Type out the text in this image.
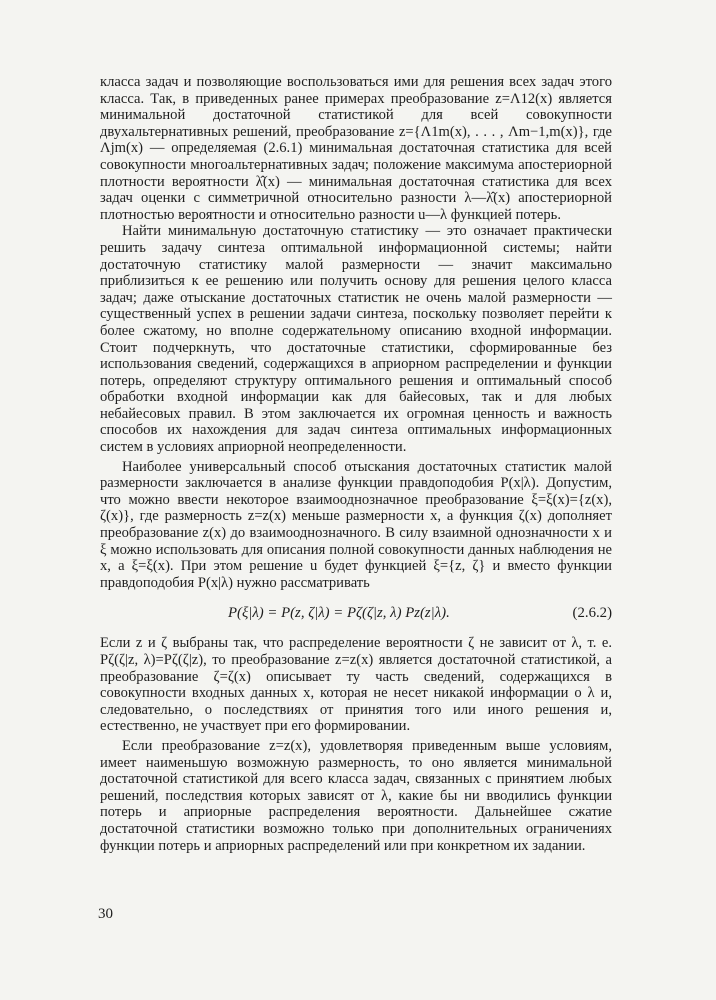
класса задач и позволяющие воспользоваться ими для решения всех задач этого класса. Так, в приведенных ранее примерах преобразование z=Λ12(x) является минимальной достаточной статистикой для всей совокупности двухальтернативных решений, преобразование z={Λ1m(x), . . . , Λm−1,m(x)}, где Λjm(x) — определяемая (2.6.1) минимальная достаточная статистика для всей совокупности многоальтернативных задач; положение максимума апостериорной плотности вероятности λ̂(x) — минимальная достаточная статистика для всех задач оценки с симметричной относительно разности λ—λ̂(x) апостериорной плотностью вероятности и относительно разности u—λ функцией потерь.

Найти минимальную достаточную статистику — это означает практически решить задачу синтеза оптимальной информационной системы; найти достаточную статистику малой размерности — значит максимально приблизиться к ее решению или получить основу для решения целого класса задач; даже отыскание достаточных статистик не очень малой размерности — существенный успех в решении задачи синтеза, поскольку позволяет перейти к более сжатому, но вполне содержательному описанию входной информации. Стоит подчеркнуть, что достаточные статистики, сформированные без использования сведений, содержащихся в априорном распределении и функции потерь, определяют структуру оптимального решения и оптимальный способ обработки входной информации как для байесовых, так и для любых небайесовых правил. В этом заключается их огромная ценность и важность способов их нахождения для задач синтеза оптимальных информационных систем в условиях априорной неопределенности.

Наиболее универсальный способ отыскания достаточных статистик малой размерности заключается в анализе функции правдоподобия P(x|λ). Допустим, что можно ввести некоторое взаимооднозначное преобразование ξ=ξ(x)={z(x), ζ(x)}, где размерность z=z(x) меньше размерности x, а функция ζ(x) дополняет преобразование z(x) до взаимооднозначного. В силу взаимной однозначности x и ξ можно использовать для описания полной совокупности данных наблюдения не x, а ξ=ξ(x). При этом решение u будет функцией ξ={z, ζ} и вместо функции правдоподобия P(x|λ) нужно рассматривать

P(ξ|λ) = P(z, ζ|λ) = Pζ(ζ|z, λ) Pz(z|λ).	(2.6.2)

Если z и ζ выбраны так, что распределение вероятности ζ не зависит от λ, т. е. Pζ(ζ|z, λ)=Pζ(ζ|z), то преобразование z=z(x) является достаточной статистикой, а преобразование ζ=ζ(x) описывает ту часть сведений, содержащихся в совокупности входных данных x, которая не несет никакой информации о λ и, следовательно, о последствиях от принятия того или иного решения и, естественно, не участвует при его формировании.

Если преобразование z=z(x), удовлетворяя приведенным выше условиям, имеет наименьшую возможную размерность, то оно является минимальной достаточной статистикой для всего класса задач, связанных с принятием любых решений, последствия которых зависят от λ, какие бы ни вводились функции потерь и априорные распределения вероятности. Дальнейшее сжатие достаточной статистики возможно только при дополнительных ограничениях функции потерь и априорных распределений или при конкретном их задании.

30
